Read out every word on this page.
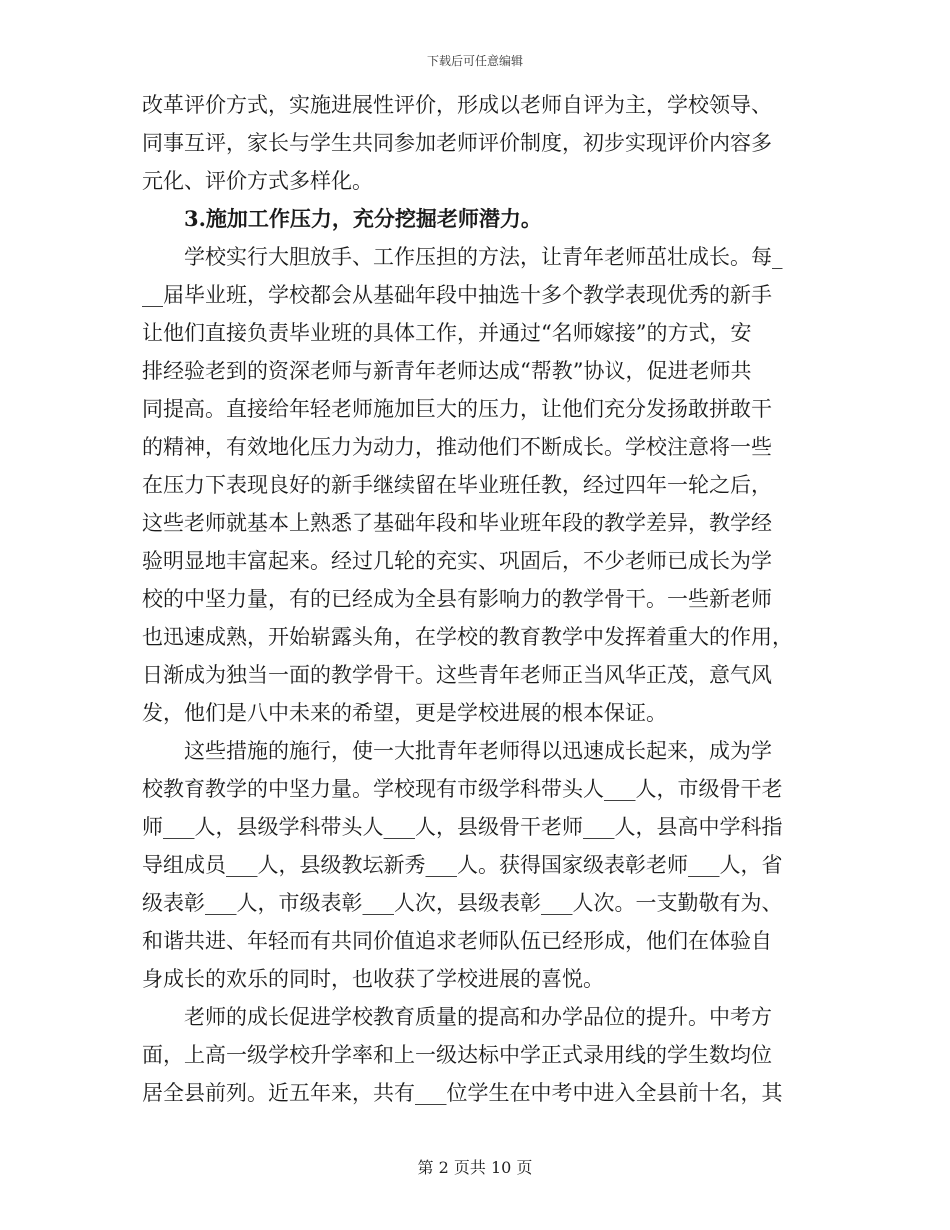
下载后可任意编辑
改革评价方式，实施进展性评价，形成以老师自评为主，学校领导、
同事互评，家长与学生共同参加老师评价制度，初步实现评价内容多
元化、评价方式多样化。
3.施加工作压力，充分挖掘老师潜力。
学校实行大胆放手、工作压担的方法，让青年老师茁壮成长。每_
__届毕业班，学校都会从基础年段中抽选十多个教学表现优秀的新手
让他们直接负责毕业班的具体工作，并通过“名师嫁接”的方式，安
排经验老到的资深老师与新青年老师达成“帮教”协议，促进老师共
同提高。直接给年轻老师施加巨大的压力，让他们充分发扬敢拼敢干
的精神，有效地化压力为动力，推动他们不断成长。学校注意将一些
在压力下表现良好的新手继续留在毕业班任教，经过四年一轮之后，
这些老师就基本上熟悉了基础年段和毕业班年段的教学差异，教学经
验明显地丰富起来。经过几轮的充实、巩固后，不少老师已成长为学
校的中坚力量，有的已经成为全县有影响力的教学骨干。一些新老师
也迅速成熟，开始崭露头角，在学校的教育教学中发挥着重大的作用，
日渐成为独当一面的教学骨干。这些青年老师正当风华正茂，意气风
发，他们是八中未来的希望，更是学校进展的根本保证。
这些措施的施行，使一大批青年老师得以迅速成长起来，成为学
校教育教学的中坚力量。学校现有市级学科带头人___人，市级骨干老
师___人，县级学科带头人___人，县级骨干老师___人，县高中学科指
导组成员___人，县级教坛新秀___人。获得国家级表彰老师___人，省
级表彰___人，市级表彰___人次，县级表彰___人次。一支勤敬有为、
和谐共进、年轻而有共同价值追求老师队伍已经形成，他们在体验自
身成长的欢乐的同时，也收获了学校进展的喜悦。
老师的成长促进学校教育质量的提高和办学品位的提升。中考方
面，上高一级学校升学率和上一级达标中学正式录用线的学生数均位
居全县前列。近五年来，共有___位学生在中考中进入全县前十名，其
第 2 页共 10 页
